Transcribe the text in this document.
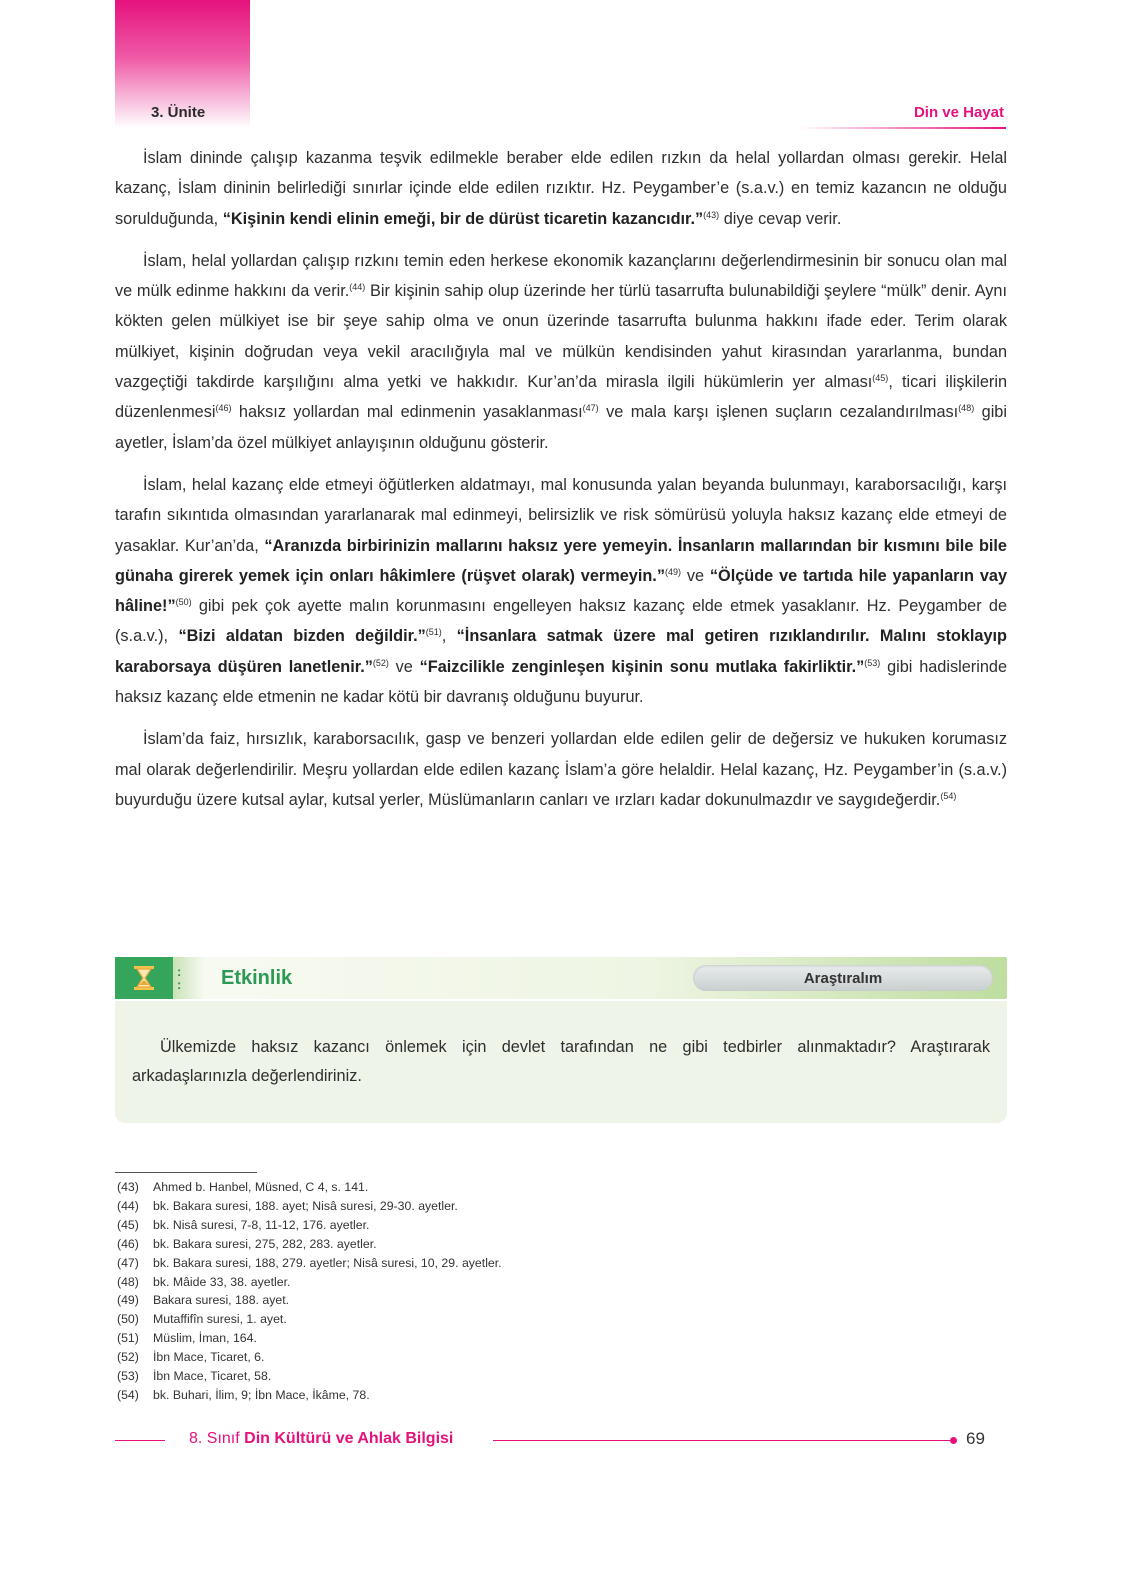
3. Ünite	Din ve Hayat

İslam dininde çalışıp kazanma teşvik edilmekle beraber elde edilen rızkın da helal yollardan olması gerekir. Helal kazanç, İslam dininin belirlediği sınırlar içinde elde edilen rızıktır. Hz. Peygamber’e (s.a.v.) en temiz kazancın ne olduğu sorulduğunda, “Kişinin kendi elinin emeği, bir de dürüst ticaretin kazancıdır.”$^{(43)}$ diye cevap verir.

İslam, helal yollardan çalışıp rızkını temin eden herkese ekonomik kazançlarını değerlendirmesinin bir sonucu olan mal ve mülk edinme hakkını da verir.$^{(44)}$ Bir kişinin sahip olup üzerinde her türlü tasarrufta bulunabildiği şeylere “mülk” denir. Aynı kökten gelen mülkiyet ise bir şeye sahip olma ve onun üzerinde tasarrufta bulunma hakkını ifade eder. Terim olarak mülkiyet, kişinin doğrudan veya vekil aracılığıyla mal ve mülkün kendisinden yahut kirasından yararlanma, bundan vazgeçtiği takdirde karşılığını alma yetki ve hakkıdır. Kur’an’da mirasla ilgili hükümlerin yer alması$^{(45)}$, ticari ilişkilerin düzenlenmesi$^{(46)}$ haksız yollardan mal edinmenin yasaklanması$^{(47)}$ ve mala karşı işlenen suçların cezalandırılması$^{(48)}$ gibi ayetler, İslam’da özel mülkiyet anlayışının olduğunu gösterir.

İslam, helal kazanç elde etmeyi öğütlerken aldatmayı, mal konusunda yalan beyanda bulunmayı, karaborsacılığı, karşı tarafın sıkıntıda olmasından yararlanarak mal edinmeyi, belirsizlik ve risk sömürüsü yoluyla haksız kazanç elde etmeyi de yasaklar. Kur’an’da, “Aranızda birbirinizin mallarını haksız yere yemeyin. İnsanların mallarından bir kısmını bile bile günaha girerek yemek için onları hâkimlere (rüşvet olarak) vermeyin.”$^{(49)}$ ve “Ölçüde ve tartıda hile yapanların vay hâline!”$^{(50)}$ gibi pek çok ayette malın korunmasını engelleyen haksız kazanç elde etmek yasaklanır. Hz. Peygamber de (s.a.v.), “Bizi aldatan bizden değildir.”$^{(51)}$, “İnsanlara satmak üzere mal getiren rızıklandırılır. Malını stoklayıp karaborsaya düşüren lanetlenir.”$^{(52)}$ ve “Faizcilikle zenginleşen kişinin sonu mutlaka fakirliktir.”$^{(53)}$ gibi hadislerinde haksız kazanç elde etmenin ne kadar kötü bir davranış olduğunu buyurur.

İslam’da faiz, hırsızlık, karaborsacılık, gasp ve benzeri yollardan elde edilen gelir de değersiz ve hukuken korumasız mal olarak değerlendirilir. Meşru yollardan elde edilen kazanç İslam’a göre helaldir. Helal kazanç, Hz. Peygamber’in (s.a.v.) buyurduğu üzere kutsal aylar, kutsal yerler, Müslümanların canları ve ırzları kadar dokunulmazdır ve saygıdeğerdir.$^{(54)}$

:
:	Etkinlik	Araştıralım
Ülkemizde haksız kazancı önlemek için devlet tarafından ne gibi tedbirler alınmaktadır? Araştırarak arkadaşlarınızla değerlendiriniz.
(43)	Ahmed b. Hanbel, Müsned, C 4, s. 141.
(44)	bk. Bakara suresi, 188. ayet; Nisâ suresi, 29-30. ayetler.
(45)	bk. Nisâ suresi, 7-8, 11-12, 176. ayetler.
(46)	bk. Bakara suresi, 275, 282, 283. ayetler.
(47)	bk. Bakara suresi, 188, 279. ayetler; Nisâ suresi, 10, 29. ayetler.
(48)	bk. Mâide 33, 38. ayetler.
(49)	Bakara suresi, 188. ayet.
(50)	Mutaffifîn suresi, 1. ayet.
(51)	Müslim, İman, 164.
(52)	İbn Mace, Ticaret, 6.
(53)	İbn Mace, Ticaret, 58.
(54)	bk. Buhari, İlim, 9; İbn Mace, İkâme, 78.
8. Sınıf Din Kültürü ve Ahlak Bilgisi	69
